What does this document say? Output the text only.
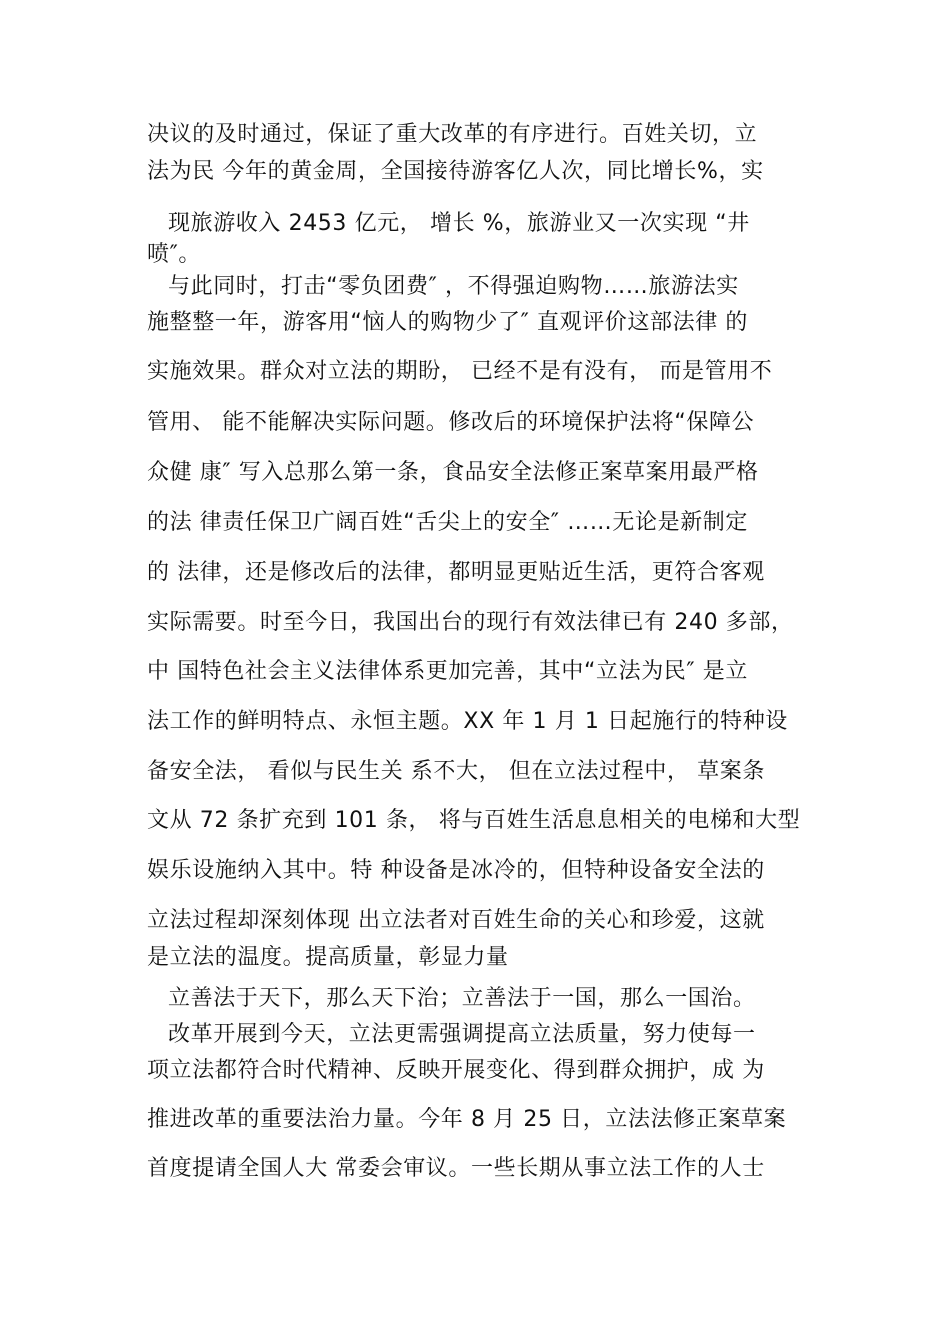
决议的及时通过，保证了重大改革的有序进行。百姓关切，立
法为民 今年的黄金周，全国接待游客亿人次，同比增长%，实
现旅游收入 2453 亿元， 增长 %，旅游业又一次实现 “井
喷″。
与此同时，打击“零负团费″ ，不得强迫购物……旅游法实
施整整一年，游客用“恼人的购物少了″ 直观评价这部法律 的
实施效果。群众对立法的期盼， 已经不是有没有， 而是管用不
管用、 能不能解决实际问题。修改后的环境保护法将“保障公
众健 康″ 写入总那么第一条，食品安全法修正案草案用最严格
的法 律责任保卫广阔百姓“舌尖上的安全″ ……无论是新制定
的 法律，还是修改后的法律，都明显更贴近生活，更符合客观
实际需要。时至今日，我国出台的现行有效法律已有 240 多部，
中 国特色社会主义法律体系更加完善，其中“立法为民″ 是立
法工作的鲜明特点、永恒主题。XX 年 1 月 1 日起施行的特种设
备安全法， 看似与民生关 系不大， 但在立法过程中， 草案条
文从 72 条扩充到 101 条， 将与百姓生活息息相关的电梯和大型
娱乐设施纳入其中。特 种设备是冰冷的，但特种设备安全法的
立法过程却深刻体现 出立法者对百姓生命的关心和珍爱，这就
是立法的温度。提高质量，彰显力量
立善法于天下，那么天下治；立善法于一国，那么一国治。
改革开展到今天，立法更需强调提高立法质量，努力使每一
项立法都符合时代精神、反映开展变化、得到群众拥护，成 为
推进改革的重要法治力量。今年 8 月 25 日，立法法修正案草案
首度提请全国人大 常委会审议。一些长期从事立法工作的人士
